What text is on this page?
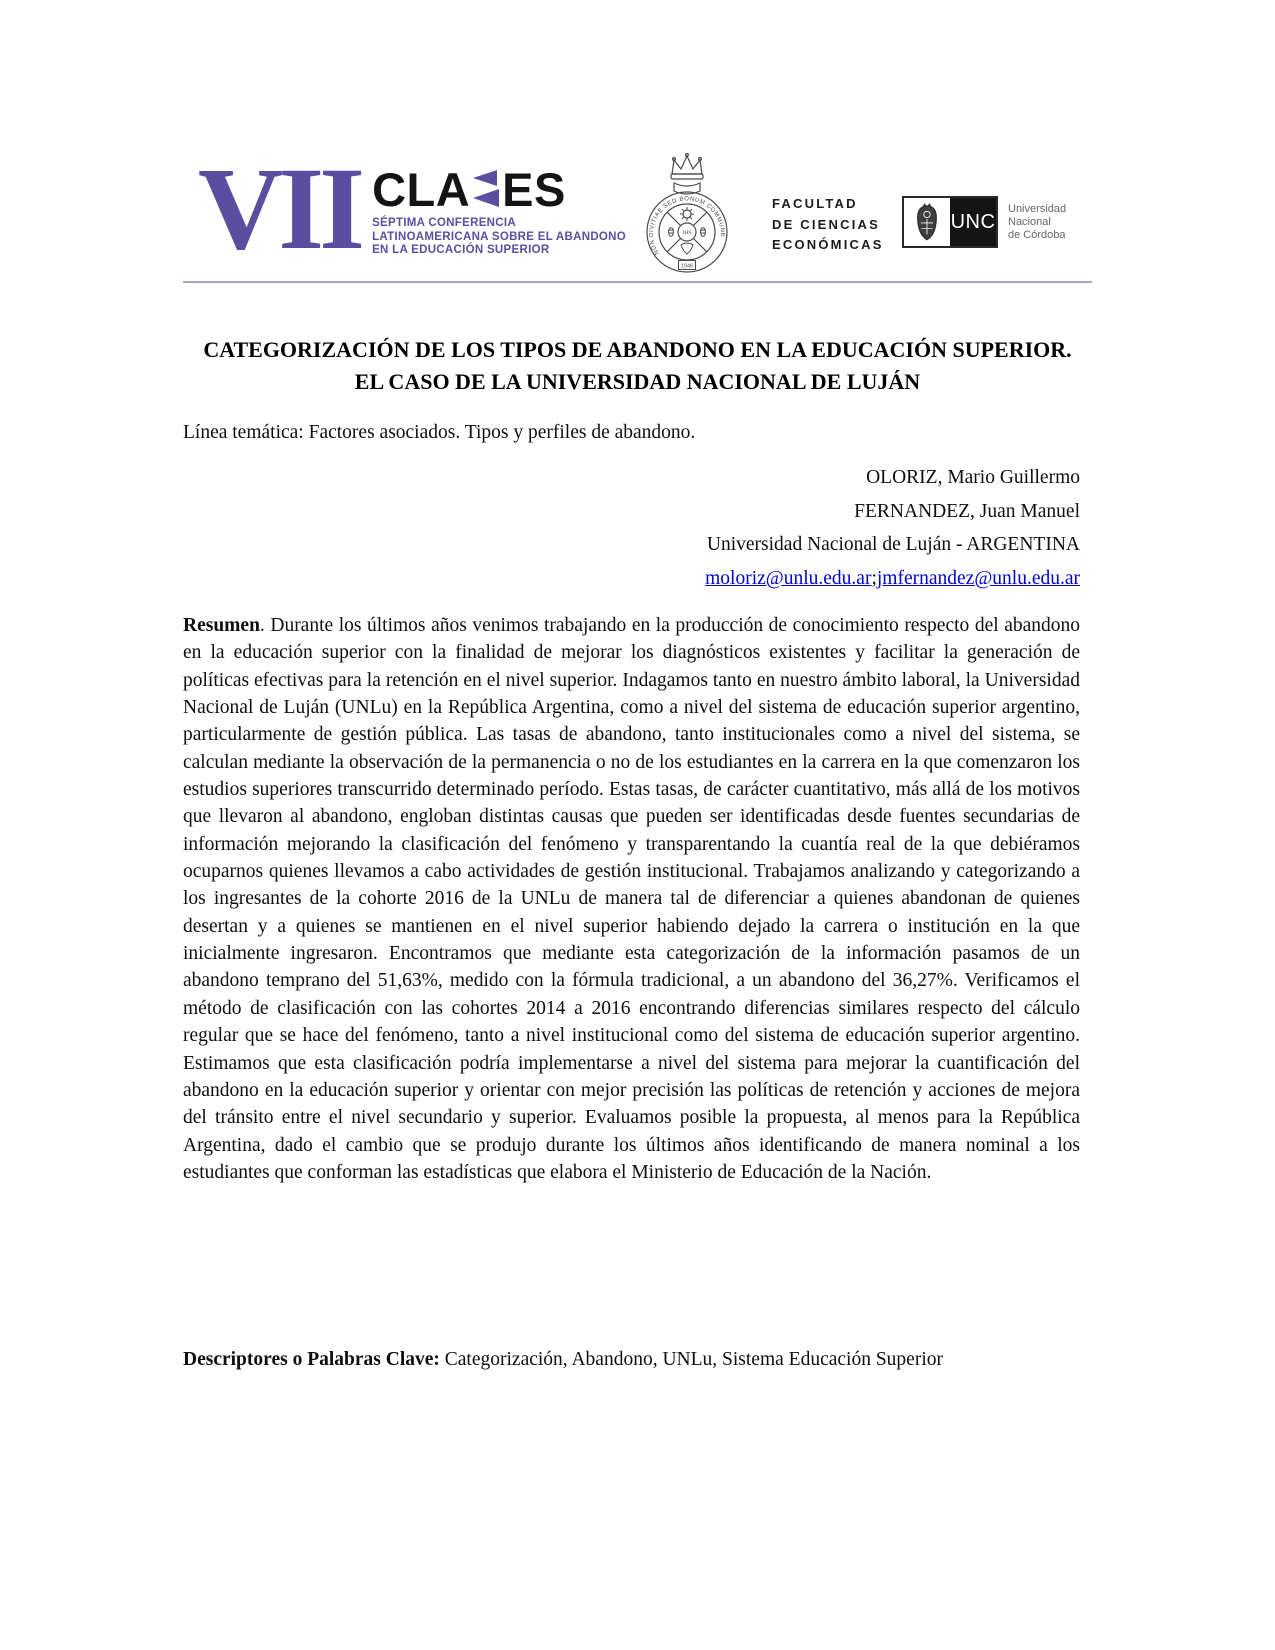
VII CLA ES
SÉPTIMA CONFERENCIA
LATINOAMERICANA SOBRE EL ABANDONO
EN LA EDUCACIÓN SUPERIOR	NON DIVITIAE SED BONUM COMMUNE
IHS
1946
FACULTAD
DE CIENCIAS
ECONÓMICAS
UNC
Universidad
Nacional
de Córdoba
CATEGORIZACIÓN DE LOS TIPOS DE ABANDONO EN LA EDUCACIÓN SUPERIOR.
EL CASO DE LA UNIVERSIDAD NACIONAL DE LUJÁN
Línea temática: Factores asociados. Tipos y perfiles de abandono.
OLORIZ, Mario Guillermo
FERNANDEZ, Juan Manuel
Universidad Nacional de Luján - ARGENTINA
moloriz@unlu.edu.ar;jmfernandez@unlu.edu.ar
Resumen. Durante los últimos años venimos trabajando en la producción de conocimiento respecto del abandono en la educación superior con la finalidad de mejorar los diagnósticos existentes y facilitar la generación de políticas efectivas para la retención en el nivel superior. Indagamos tanto en nuestro ámbito laboral, la Universidad Nacional de Luján (UNLu) en la República Argentina, como a nivel del sistema de educación superior argentino, particularmente de gestión pública. Las tasas de abandono, tanto institucionales como a nivel del sistema, se calculan mediante la observación de la permanencia o no de los estudiantes en la carrera en la que comenzaron los estudios superiores transcurrido determinado período. Estas tasas, de carácter cuantitativo, más allá de los motivos que llevaron al abandono, engloban distintas causas que pueden ser identificadas desde fuentes secundarias de información mejorando la clasificación del fenómeno y transparentando la cuantía real de la que debiéramos ocuparnos quienes llevamos a cabo actividades de gestión institucional. Trabajamos analizando y categorizando a los ingresantes de la cohorte 2016 de la UNLu de manera tal de diferenciar a quienes abandonan de quienes desertan y a quienes se mantienen en el nivel superior habiendo dejado la carrera o institución en la que inicialmente ingresaron. Encontramos que mediante esta categorización de la información pasamos de un abandono temprano del 51,63%, medido con la fórmula tradicional, a un abandono del 36,27%. Verificamos el método de clasificación con las cohortes 2014 a 2016 encontrando diferencias similares respecto del cálculo regular que se hace del fenómeno, tanto a nivel institucional como del sistema de educación superior argentino. Estimamos que esta clasificación podría implementarse a nivel del sistema para mejorar la cuantificación del abandono en la educación superior y orientar con mejor precisión las políticas de retención y acciones de mejora del tránsito entre el nivel secundario y superior. Evaluamos posible la propuesta, al menos para la República Argentina, dado el cambio que se produjo durante los últimos años identificando de manera nominal a los estudiantes que conforman las estadísticas que elabora el Ministerio de Educación de la Nación.
Descriptores o Palabras Clave: Categorización, Abandono, UNLu, Sistema Educación Superior
